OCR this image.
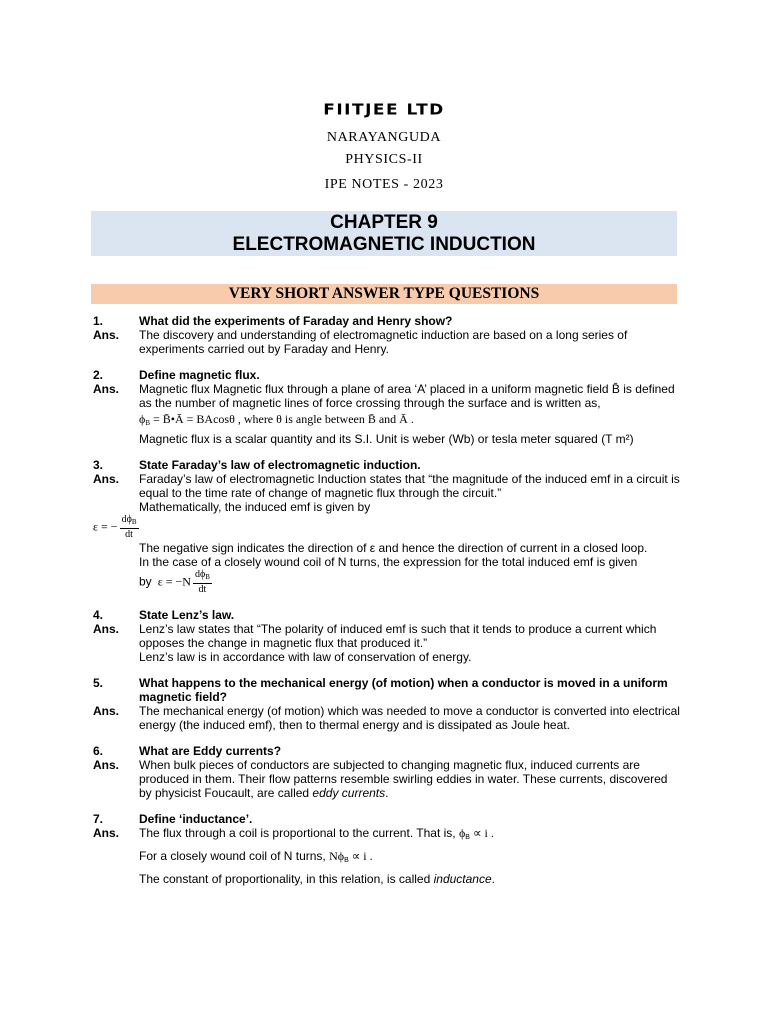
FIITJEE LTD
NARAYANGUDA
PHYSICS-II
IPE NOTES - 2023
CHAPTER 9
ELECTROMAGNETIC INDUCTION
VERY SHORT ANSWER TYPE QUESTIONS
1.	What did the experiments of Faraday and Henry show?
Ans.	The discovery and understanding of electromagnetic induction are based on a long series of experiments carried out by Faraday and Henry.
2.	Define magnetic flux.
Ans.	Magnetic flux Magnetic flux through a plane of area ‘A’ placed in a uniform magnetic field B̄ is defined as the number of magnetic lines of force crossing through the surface and is written as,

ϕB = B̄•Ā = BAcosθ , where θ is angle between B̄ and Ā .

Magnetic flux is a scalar quantity and its S.I. Unit is weber (Wb) or tesla meter squared (T m²)

3.	State Faraday’s law of electromagnetic induction.
Ans.	Faraday’s law of electromagnetic Induction states that “the magnitude of the induced emf in a circuit is equal to the time rate of change of magnetic flux through the circuit.”

Mathematically, the induced emf is given by

ε = − $\frac{d\phi_B}{dt}$

The negative sign indicates the direction of ε and hence the direction of current in a closed loop.

In the case of a closely wound coil of N turns, the expression for the total induced emf is given

by $\varepsilon = -N \frac{d\phi_B}{dt}$

4.	State Lenz’s law.
Ans.	Lenz’s law states that “The polarity of induced emf is such that it tends to produce a current which opposes the change in magnetic flux that produced it.”

Lenz’s law is in accordance with law of conservation of energy.

5.	What happens to the mechanical energy (of motion) when a conductor is moved in a uniform magnetic field?
Ans.	The mechanical energy (of motion) which was needed to move a conductor is converted into electrical energy (the induced emf), then to thermal energy and is dissipated as Joule heat.
6.	What are Eddy currents?
Ans.	When bulk pieces of conductors are subjected to changing magnetic flux, induced currents are produced in them. Their flow patterns resemble swirling eddies in water. These currents, discovered by physicist Foucault, are called eddy currents.
7.	Define ‘inductance’.
Ans.	The flux through a coil is proportional to the current. That is, ϕB ∝ i .

For a closely wound coil of N turns, NϕB ∝ i .

The constant of proportionality, in this relation, is called inductance.
